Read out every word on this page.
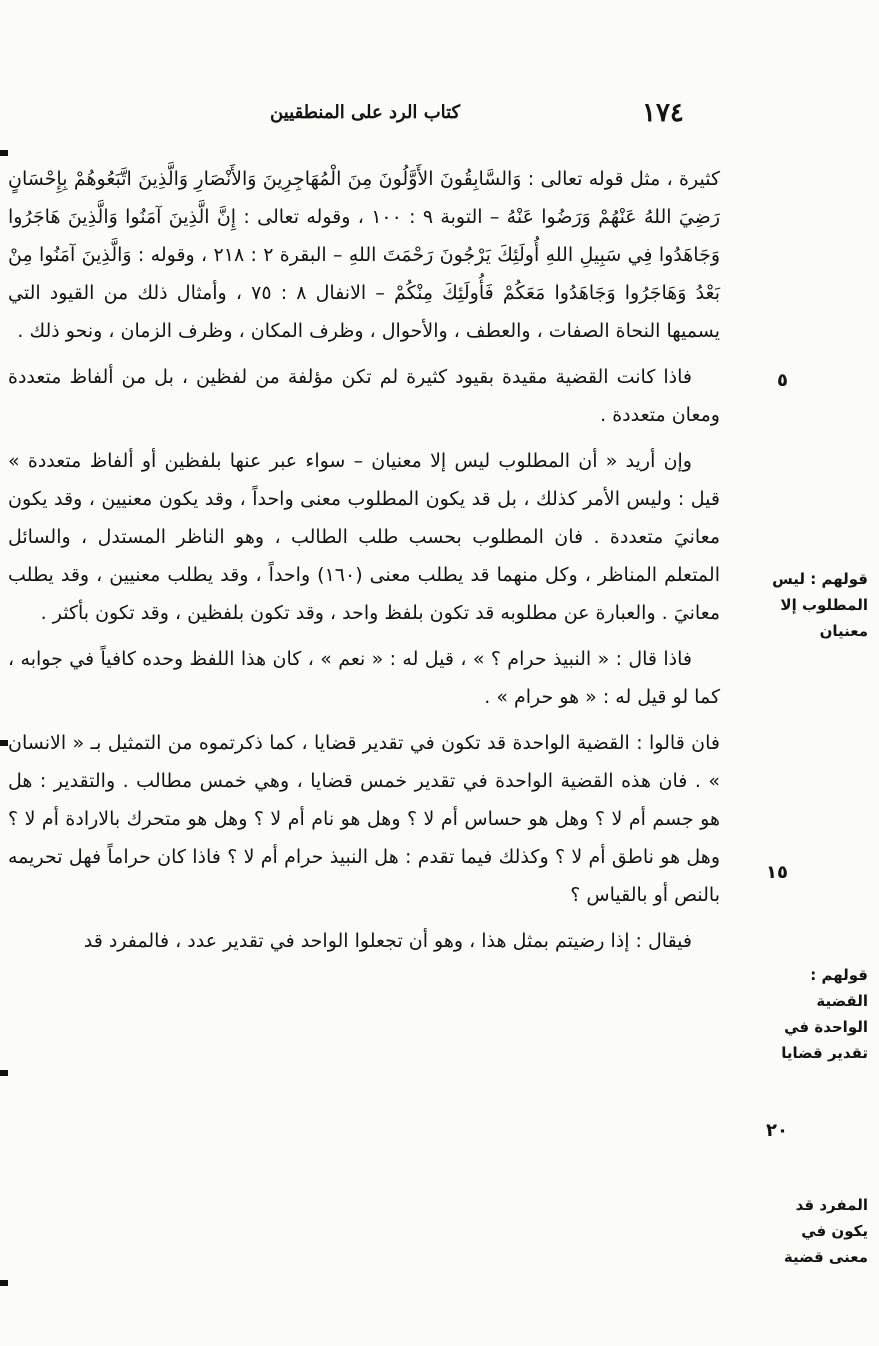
١٧٤
كتاب الرد على المنطقيين

كثيرة ، مثل قوله تعالى : وَالسَّابِقُونَ الأَوَّلُونَ مِنَ الْمُهَاجِرِينَ وَالأَنْصَارِ وَالَّذِينَ اتَّبَعُوهُمْ بِإِحْسَانٍ رَضِيَ اللهُ عَنْهُمْ وَرَضُوا عَنْهُ – التوبة ٩ : ١٠٠ ، وقوله تعالى : إِنَّ الَّذِينَ آمَنُوا وَالَّذِينَ هَاجَرُوا وَجَاهَدُوا فِي سَبِيلِ اللهِ أُولَئِكَ يَرْجُونَ رَحْمَتَ اللهِ – البقرة ٢ : ٢١٨ ، وقوله : وَالَّذِينَ آمَنُوا مِنْ بَعْدُ وَهَاجَرُوا وَجَاهَدُوا مَعَكُمْ فَأُولَئِكَ مِنْكُمْ – الانفال ٨ : ٧٥ ، وأمثال ذلك من القيود التي يسميها النحاة الصفات ، والعطف ، والأحوال ، وظرف المكان ، وظرف الزمان ، ونحو ذلك .

فاذا كانت القضية مقيدة بقيود كثيرة لم تكن مؤلفة من لفظين ، بل من ألفاظ متعددة ومعان متعددة .

وإن أريد « أن المطلوب ليس إلا معنيان – سواء عبر عنها بلفظين أو ألفاظ متعددة » قيل : وليس الأمر كذلك ، بل قد يكون المطلوب معنى واحداً ، وقد يكون معنيين ، وقد يكون معانيَ متعددة . فان المطلوب بحسب طلب الطالب ، وهو الناظر المستدل ، والسائل المتعلم المناظر ، وكل منهما قد يطلب معنى (١٦٠) واحداً ، وقد يطلب معنيين ، وقد يطلب معانيَ . والعبارة عن مطلوبه قد تكون بلفظ واحد ، وقد تكون بلفظين ، وقد تكون بأكثر .

فاذا قال : « النبيذ حرام ؟ » ، قيل له : « نعم » ، كان هذا اللفظ وحده كافياً في جوابه ، كما لو قيل له : « هو حرام » .

فان قالوا : القضية الواحدة قد تكون في تقدير قضايا ، كما ذكرتموه من التمثيل بـ « الانسان » . فان هذه القضية الواحدة في تقدير خمس قضايا ، وهي خمس مطالب . والتقدير : هل هو جسم أم لا ؟ وهل هو حساس أم لا ؟ وهل هو نام أم لا ؟ وهل هو متحرك بالارادة أم لا ؟ وهل هو ناطق أم لا ؟ وكذلك فيما تقدم : هل النبيذ حرام أم لا ؟ فاذا كان حراماً فهل تحريمه بالنص أو بالقياس ؟

فيقال : إذا رضيتم بمثل هذا ، وهو أن تجعلوا الواحد في تقدير عدد ، فالمفرد قد

قولهم : ليس المطلوب إلا معنيان
قولهم : القضية الواحدة في تقدير قضايا
المفرد قد يكون في معنى قضية
٥
١٥
٢٠
